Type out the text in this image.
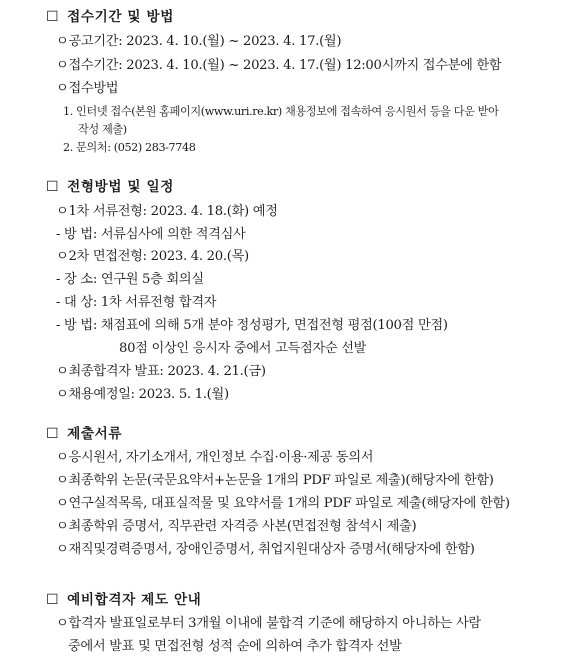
☐ 접수기간 및 방법
ㅇ공고기간: 2023. 4. 10.(월) ~ 2023. 4. 17.(월)
ㅇ접수기간: 2023. 4. 10.(월) ~ 2023. 4. 17.(월) 12:00시까지 접수분에 한함
ㅇ접수방법
1. 인터넷 접수(본원 홈페이지(www.uri.re.kr) 채용정보에 접속하여 응시원서 등을 다운 받아
작성 제출)
2. 문의처: (052) 283-7748
☐ 전형방법 및 일정
ㅇ1차 서류전형: 2023. 4. 18.(화) 예정
- 방 법: 서류심사에 의한 적격심사
ㅇ2차 면접전형: 2023. 4. 20.(목)
- 장 소: 연구원 5층 회의실
- 대 상: 1차 서류전형 합격자
- 방 법: 채점표에 의해 5개 분야 정성평가, 면접전형 평점(100점 만점)
80점 이상인 응시자 중에서 고득점자순 선발
ㅇ최종합격자 발표: 2023. 4. 21.(금)
ㅇ채용예정일: 2023. 5. 1.(월)
☐ 제출서류
ㅇ응시원서, 자기소개서, 개인정보 수집·이용·제공 동의서
ㅇ최종학위 논문(국문요약서+논문을 1개의 PDF 파일로 제출)(해당자에 한함)
ㅇ연구실적목록, 대표실적물 및 요약서를 1개의 PDF 파일로 제출(해당자에 한함)
ㅇ최종학위 증명서, 직무관련 자격증 사본(면접전형 참석시 제출)
ㅇ재직및경력증명서, 장애인증명서, 취업지원대상자 증명서(해당자에 한함)
☐ 예비합격자 제도 안내
ㅇ합격자 발표일로부터 3개월 이내에 불합격 기준에 해당하지 아니하는 사람
중에서 발표 및 면접전형 성적 순에 의하여 추가 합격자 선발
